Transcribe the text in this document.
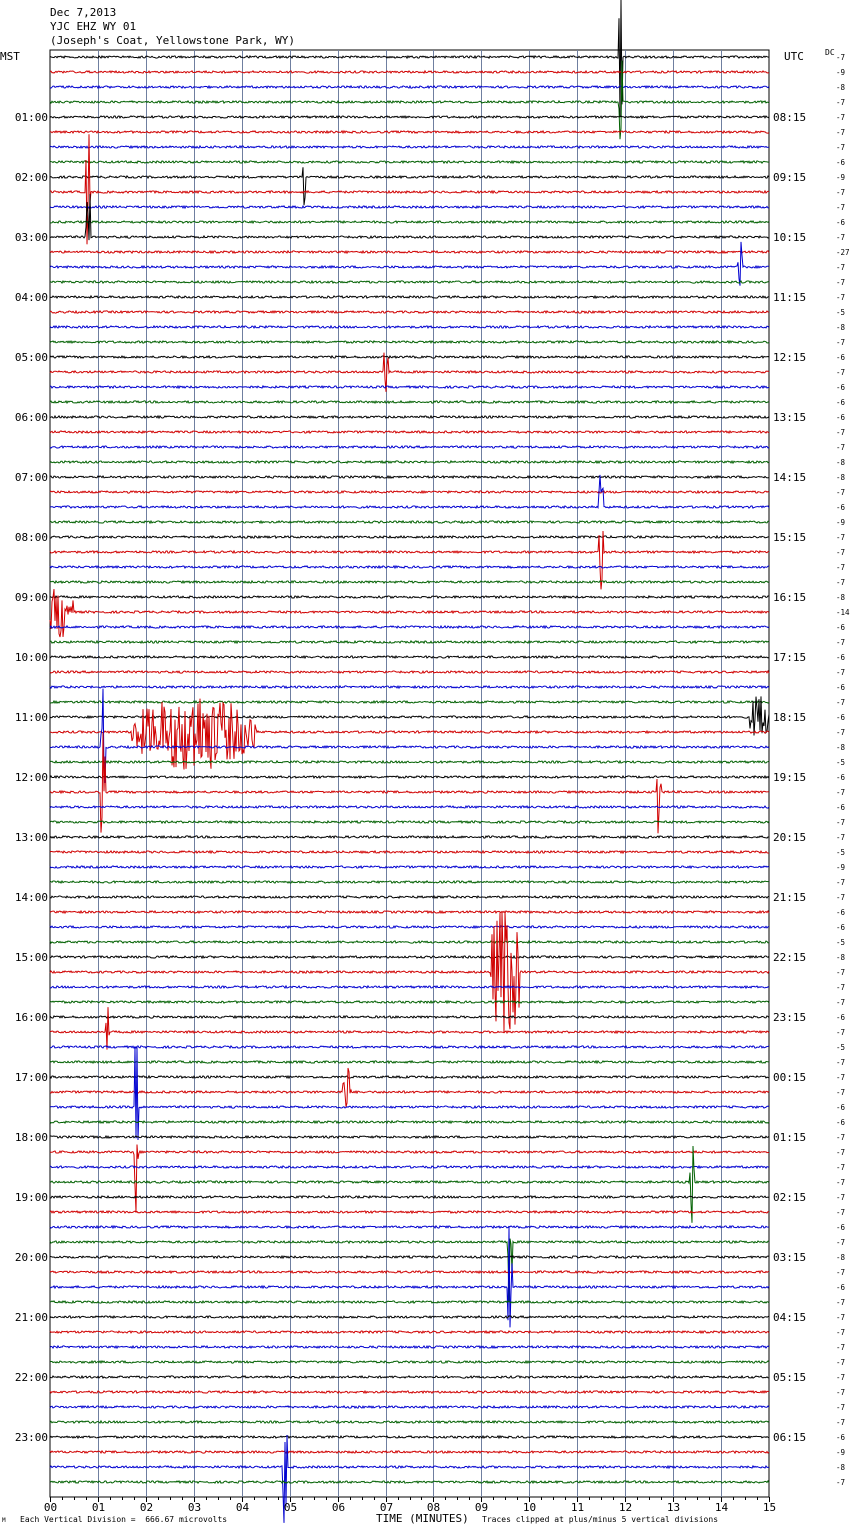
Dec 7,2013
YJC EHZ WY 01
(Joseph's Coat, Yellowstone Park, WY)
MST	UTC	DC
-7
-9
-8
-7
-7
-7
-7
-6
-9
-7
-7
-6
-7
-27
-7
-7
-7
-5
-8
-7
-6
-7
-6
-6
-6
-7
-7
-8
-8
-7
-6
-9
-7
-7
-7
-7
-8
-14
-6
-7
-6
-7
-6
-7
-6
-7
-8
-5
-6
-7
-6
-7
-7
-5
-9
-7
-7
-6
-6
-5
-8
-7
-7
-7
-6
-7
-5
-7
-7
-7
-6
-6
-7
-7
-7
-7
-7
-7
-6
-7
-8
-7
-6
-7
-7
-7
-7
-7
-7
-7
-7
-7
-6
-9
-8
-7
01:00
02:00
03:00
04:00
05:00
06:00
07:00
08:00
09:00
10:00
11:00
12:00
13:00
14:00
15:00
16:00
17:00
18:00
19:00
20:00
21:00
22:00
23:00
08:15
09:15
10:15
11:15
12:15
13:15
14:15
15:15
16:15
17:15
18:15
19:15
20:15
21:15
22:15
23:15
00:15
01:15
02:15
03:15
04:15
05:15
06:15
00	01	02	03	04	05	06	07	08	09	10	11	12	13	14	15
TIME (MINUTES)
Each Vertical Division =  666.67 microvolts	Traces clipped at plus/minus 5 vertical divisions
M
